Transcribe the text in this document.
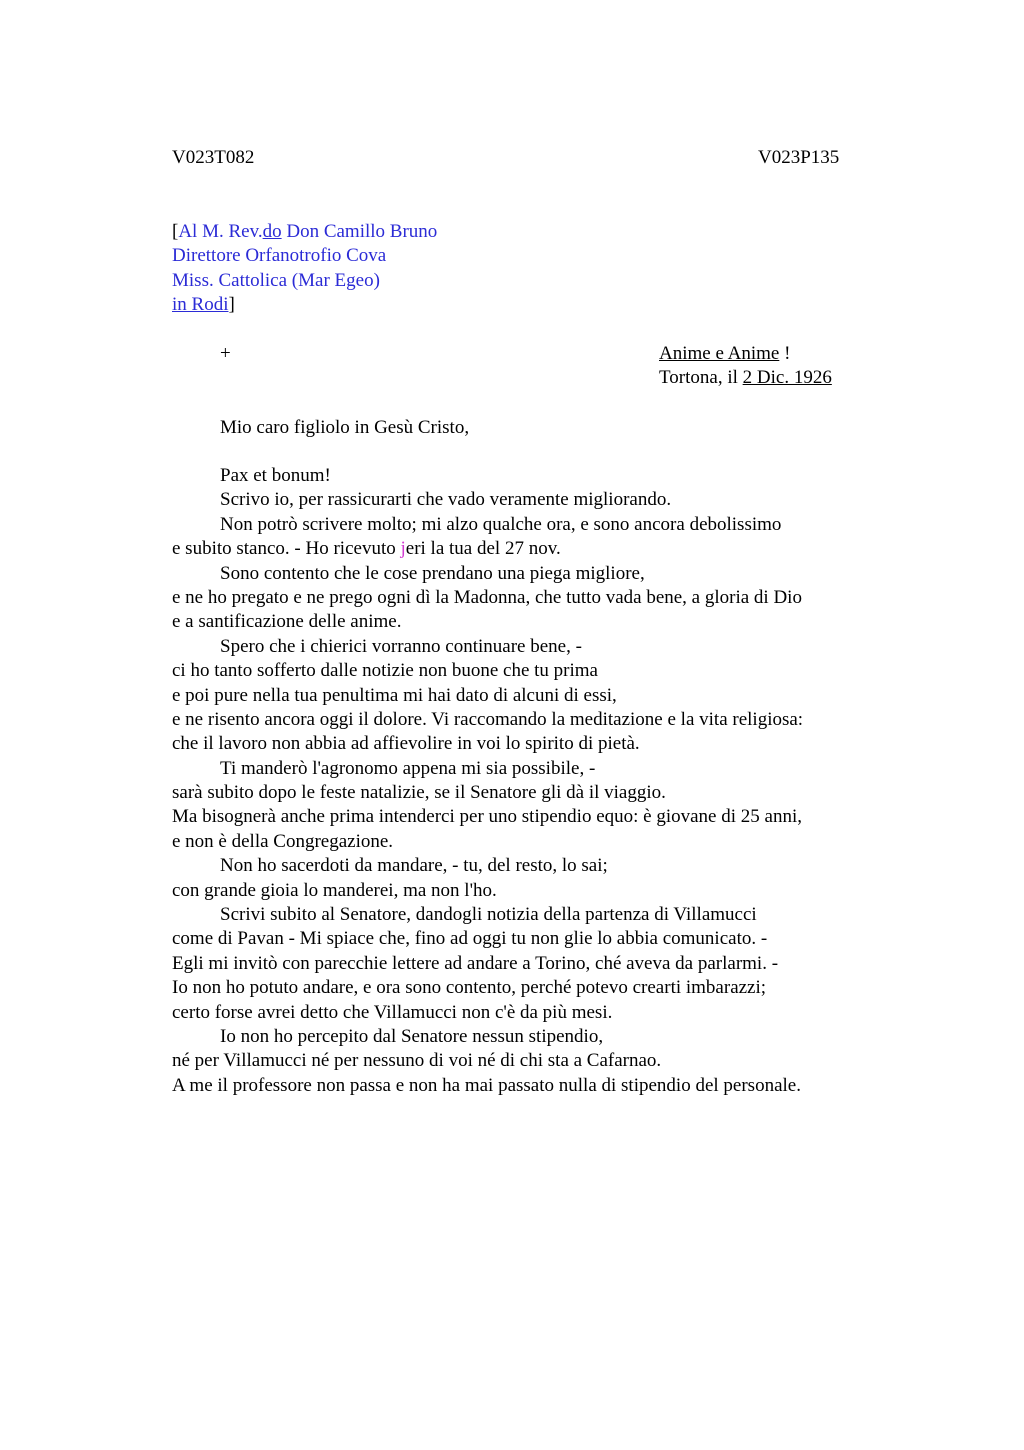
V023T082	V023P135
[Al M. Rev.do Don Camillo Bruno
Direttore Orfanotrofio Cova
Miss. Cattolica (Mar Egeo)
in Rodi]
+	Anime e Anime !
Tortona, il 2 Dic. 1926
Mio caro figliolo in Gesù Cristo,
Pax et bonum!
Scrivo io, per rassicurarti che vado veramente migliorando.
Non potrò scrivere molto; mi alzo qualche ora, e sono ancora debolissimo
e subito stanco. - Ho ricevuto jeri la tua del 27 nov.
Sono contento che le cose prendano una piega migliore,
e ne ho pregato e ne prego ogni dì la Madonna, che tutto vada bene, a gloria di Dio
e a santificazione delle anime.
Spero che i chierici vorranno continuare bene, -
ci ho tanto sofferto dalle notizie non buone che tu prima
e poi pure nella tua penultima mi hai dato di alcuni di essi,
e ne risento ancora oggi il dolore. Vi raccomando la meditazione e la vita religiosa:
che il lavoro non abbia ad affievolire in voi lo spirito di pietà.
Ti manderò l'agronomo appena mi sia possibile, -
sarà subito dopo le feste natalizie, se il Senatore gli dà il viaggio.
Ma bisognerà anche prima intenderci per uno stipendio equo: è giovane di 25 anni,
e non è della Congregazione.
Non ho sacerdoti da mandare, - tu, del resto, lo sai;
con grande gioia lo manderei, ma non l'ho.
Scrivi subito al Senatore, dandogli notizia della partenza di Villamucci
come di Pavan - Mi spiace che, fino ad oggi tu non glie lo abbia comunicato. -
Egli mi invitò con parecchie lettere ad andare a Torino, ché aveva da parlarmi. -
Io non ho potuto andare, e ora sono contento, perché potevo crearti imbarazzi;
certo forse avrei detto che Villamucci non c'è da più mesi.
Io non ho percepito dal Senatore nessun stipendio,
né per Villamucci né per nessuno di voi né di chi sta a Cafarnao.
A me il professore non passa e non ha mai passato nulla di stipendio del personale.
